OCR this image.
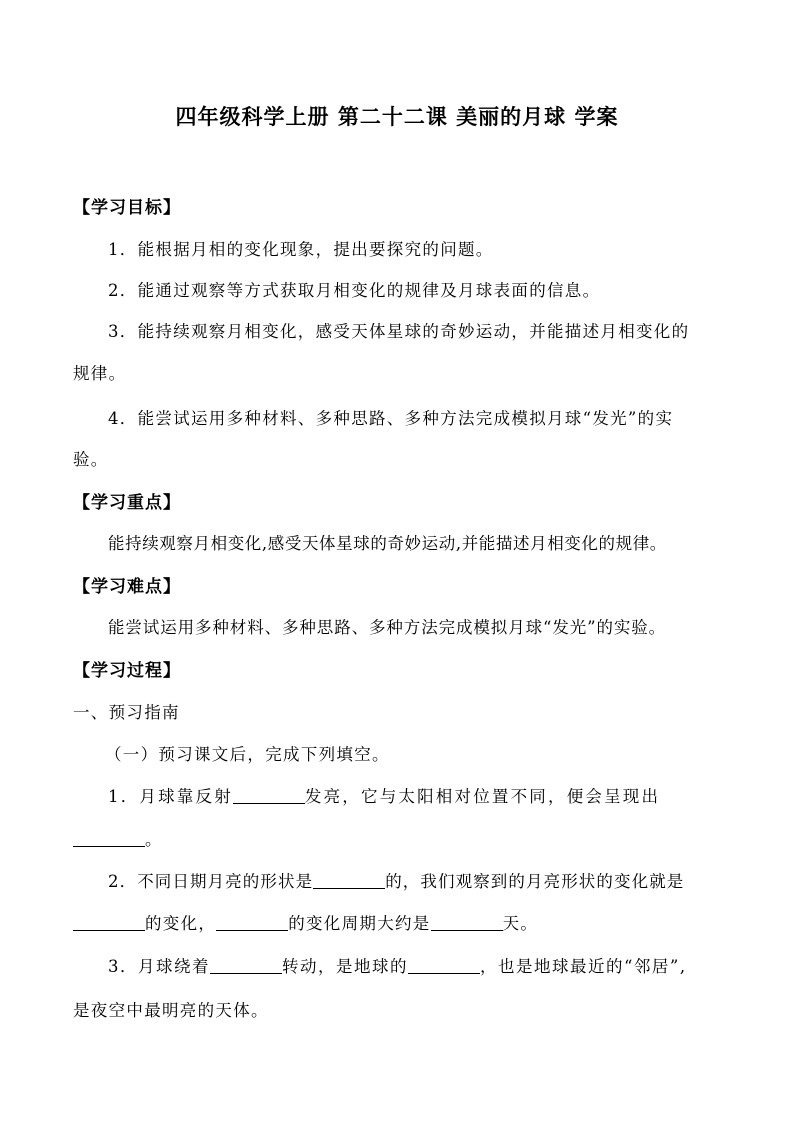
四年级科学上册 第二十二课 美丽的月球 学案
【学习目标】
1．能根据月相的变化现象，提出要探究的问题。
2．能通过观察等方式获取月相变化的规律及月球表面的信息。
3．能持续观察月相变化，感受天体星球的奇妙运动，并能描述月相变化的
规律。
4．能尝试运用多种材料、多种思路、多种方法完成模拟月球“发光”的实
验。
【学习重点】
能持续观察月相变化,感受天体星球的奇妙运动,并能描述月相变化的规律。
【学习难点】
能尝试运用多种材料、多种思路、多种方法完成模拟月球“发光”的实验。
【学习过程】
一、预习指南
（一）预习课文后，完成下列填空。
1．月球靠反射	发亮，它与太阳相对位置不同，便会呈现出
。
2．不同日期月亮的形状是	的，我们观察到的月亮形状的变化就是
的变化，	的变化周期大约是	天。
3．月球绕着	转动，是地球的	，也是地球最近的“邻居”,
是夜空中最明亮的天体。
